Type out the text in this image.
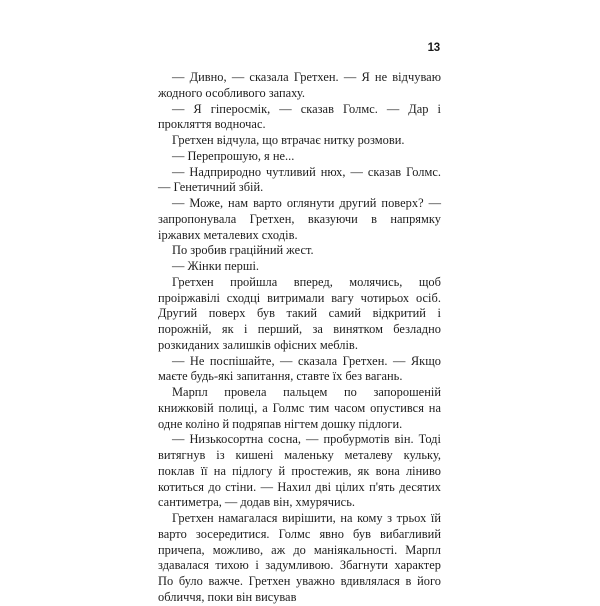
13

— Дивно, — сказала Гретхен. — Я не відчуваю жодного особливого запаху.

— Я гіперосмік, — сказав Голмс. — Дар і прокляття водночас.

Гретхен відчула, що втрачає нитку розмови.

— Перепрошую, я не...

— Надприродно чутливий нюх, — сказав Голмс. — Генетичний збій.

— Може, нам варто оглянути другий поверх? — запропонувала Гретхен, вказуючи в напрямку іржавих металевих сходів.

По зробив граційний жест.

— Жінки перші.

Гретхен пройшла вперед, молячись, щоб проіржавілі сходці витримали вагу чотирьох осіб. Другий поверх був такий самий відкритий і порожній, як і перший, за винятком безладно розкиданих залишків офісних меблів.

— Не поспішайте, — сказала Гретхен. — Якщо маєте будь-які запитання, ставте їх без вагань.

Марпл провела пальцем по запорошеній книжковій полиці, а Голмс тим часом опустився на одне коліно й подряпав нігтем дошку підлоги.

— Низькосортна сосна, — пробурмотів він. Тоді витягнув із кишені маленьку металеву кульку, поклав її на підлогу й простежив, як вона ліниво котиться до стіни. — Нахил дві цілих п'ять десятих сантиметра, — додав він, хмурячись.

Гретхен намагалася вирішити, на кому з трьох їй варто зосередитися. Голмс явно був вибагливий причепа, можливо, аж до маніякальності. Марпл здавалася тихою і задумливою. Збагнути характер По було важче. Гретхен уважно вдивлялася в його обличчя, поки він висував
